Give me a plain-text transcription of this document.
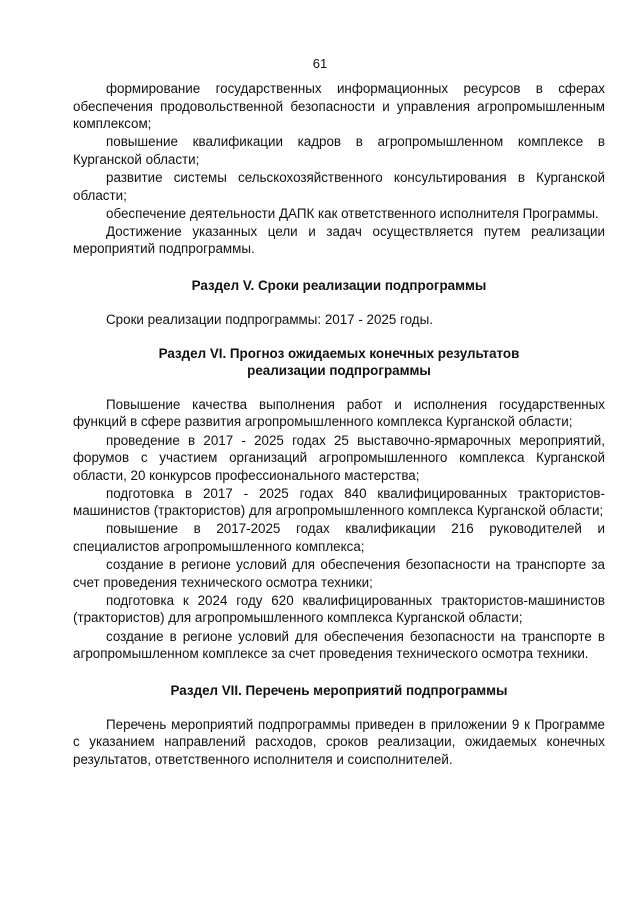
61

формирование государственных информационных ресурсов в сферах обеспечения продовольственной безопасности и управления агропромышленным комплексом;

повышение квалификации кадров в агропромышленном комплексе в Курганской области;

развитие системы сельскохозяйственного консультирования в Курганской области;

обеспечение деятельности ДАПК как ответственного исполнителя Программы.

Достижение указанных цели и задач осуществляется путем реализации мероприятий подпрограммы.

Раздел V. Сроки реализации подпрограммы

Сроки реализации подпрограммы: 2017 - 2025 годы.

Раздел VI. Прогноз ожидаемых конечных результатов

реализации подпрограммы

Повышение качества выполнения работ и исполнения государственных функций в сфере развития агропромышленного комплекса Курганской области;

проведение в 2017 - 2025 годах 25 выставочно-ярмарочных мероприятий, форумов с участием организаций агропромышленного комплекса Курганской области, 20 конкурсов профессионального мастерства;

подготовка в 2017 - 2025 годах 840 квалифицированных трактористов-машинистов (трактористов) для агропромышленного комплекса Курганской области;

повышение в 2017-2025 годах квалификации 216 руководителей и специалистов агропромышленного комплекса;

создание в регионе условий для обеспечения безопасности на транспорте за счет проведения технического осмотра техники;

подготовка к 2024 году 620 квалифицированных трактористов-машинистов (трактористов) для агропромышленного комплекса Курганской области;

создание в регионе условий для обеспечения безопасности на транспорте в агропромышленном комплексе за счет проведения технического осмотра техники.

Раздел VII. Перечень мероприятий подпрограммы

Перечень мероприятий подпрограммы приведен в приложении 9 к Программе с указанием направлений расходов, сроков реализации, ожидаемых конечных результатов, ответственного исполнителя и соисполнителей.
